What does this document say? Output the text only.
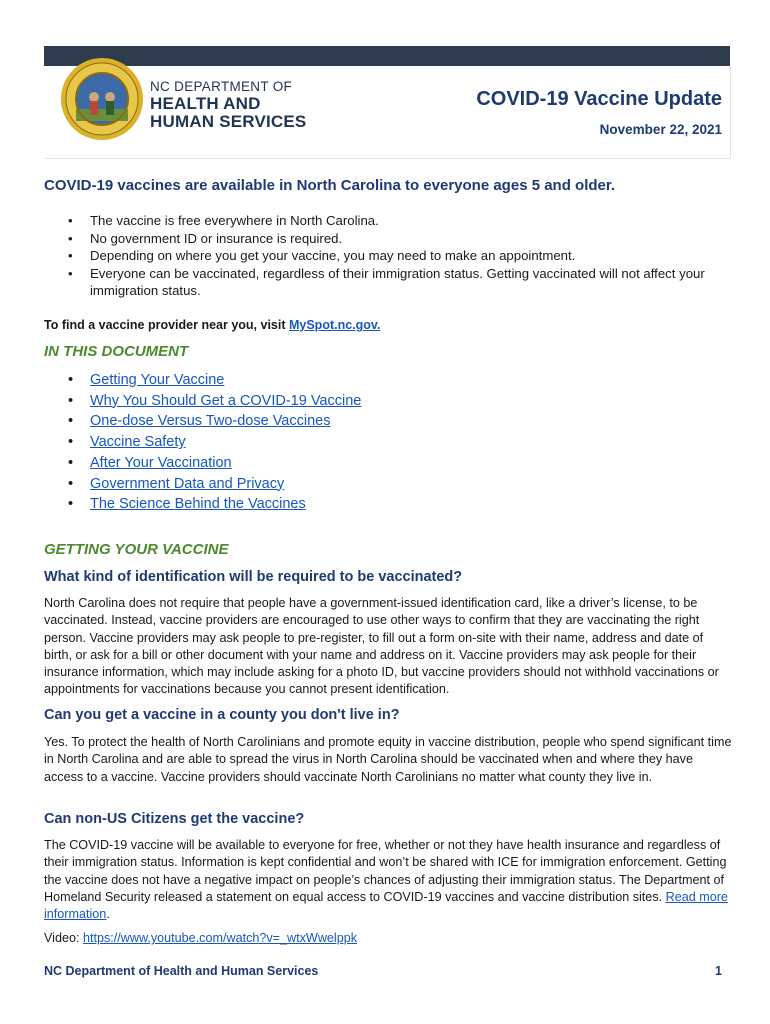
NC DEPARTMENT OF
HEALTH AND
HUMAN SERVICES
COVID-19 Vaccine Update
November 22, 2021
COVID-19 vaccines are available in North Carolina to everyone ages 5 and older.
• The vaccine is free everywhere in North Carolina.
• No government ID or insurance is required.
• Depending on where you get your vaccine, you may need to make an appointment.
• Everyone can be vaccinated, regardless of their immigration status. Getting vaccinated will not affect your immigration status.
To find a vaccine provider near you, visit MySpot.nc.gov.
IN THIS DOCUMENT
• Getting Your Vaccine
• Why You Should Get a COVID-19 Vaccine
• One-dose Versus Two-dose Vaccines
• Vaccine Safety
• After Your Vaccination
• Government Data and Privacy
• The Science Behind the Vaccines
GETTING YOUR VACCINE
What kind of identification will be required to be vaccinated?
North Carolina does not require that people have a government-issued identification card, like a driver’s license, to be vaccinated. Instead, vaccine providers are encouraged to use other ways to confirm that they are vaccinating the right person. Vaccine providers may ask people to pre-register, to fill out a form on-site with their name, address and date of birth, or ask for a bill or other document with your name and address on it. Vaccine providers may ask people for their insurance information, which may include asking for a photo ID, but vaccine providers should not withhold vaccinations or appointments for vaccinations because you cannot present identification.
Can you get a vaccine in a county you don't live in?
Yes. To protect the health of North Carolinians and promote equity in vaccine distribution, people who spend significant time in North Carolina and are able to spread the virus in North Carolina should be vaccinated when and where they have access to a vaccine. Vaccine providers should vaccinate North Carolinians no matter what county they live in.
Can non-US Citizens get the vaccine?
The COVID-19 vaccine will be available to everyone for free, whether or not they have health insurance and regardless of their immigration status. Information is kept confidential and won’t be shared with ICE for immigration enforcement. Getting the vaccine does not have a negative impact on people’s chances of adjusting their immigration status. The Department of Homeland Security released a statement on equal access to COVID-19 vaccines and vaccine distribution sites. Read more information.
Video: https://www.youtube.com/watch?v=_wtxWwelppk
NC Department of Health and Human Services	1
